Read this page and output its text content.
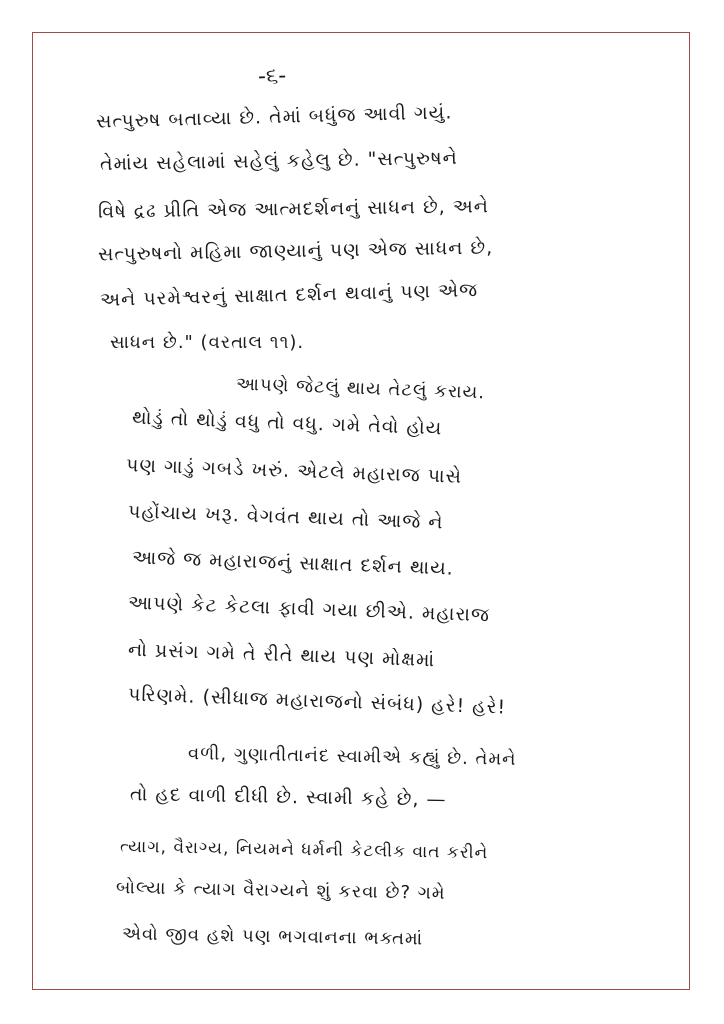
-૬-
સત્પુરુષ બતાવ્યા છે. તેમાં બધુંજ આવી ગયું.
તેમાંય સહેલામાં સહેલું કહેલુ છે. "સત્પુરુષને
વિષે દ્રઢ પ્રીતિ એજ આત્મદર્શનનું સાધન છે, અને
સત્પુરુષનો મહિમા જાણ્યાનું પણ એજ સાધન છે,
અને પરમેશ્વરનું સાક્ષાત દર્શન થવાનું પણ એજ
સાધન છે." (વરતાલ ૧૧).
આપણે જેટલું થાય તેટલું કરાય.
થોડું તો થોડું વધુ તો વધુ. ગમે તેવો હોય
પણ ગાડું ગબડે ખરું. એટલે મહારાજ પાસે
પહોંચાય ખરૂ. વેગવંત થાય તો આજે ને
આજે જ મહારાજનું સાક્ષાત દર્શન થાય.
આપણે કેટ કેટલા ફાવી ગયા છીએ. મહારાજ
નો પ્રસંગ ગમે તે રીતે થાય પણ મોક્ષમાં
પરિણમે. (સીધાજ મહારાજનો સંબંધ) હરે! હરે!
વળી, ગુણાતીતાનંદ સ્વામીએ કહ્યું છે. તેમને
તો હદ વાળી દીધી છે. સ્વામી કહે છે, —
ત્યાગ, વૈરાગ્ય, નિયમને ધર્મની કેટલીક વાત કરીને
બોલ્યા કે ત્યાગ વૈરાગ્યને શું કરવા છે? ગમે
એવો જીવ હશે પણ ભગવાનના ભક્તમાં
